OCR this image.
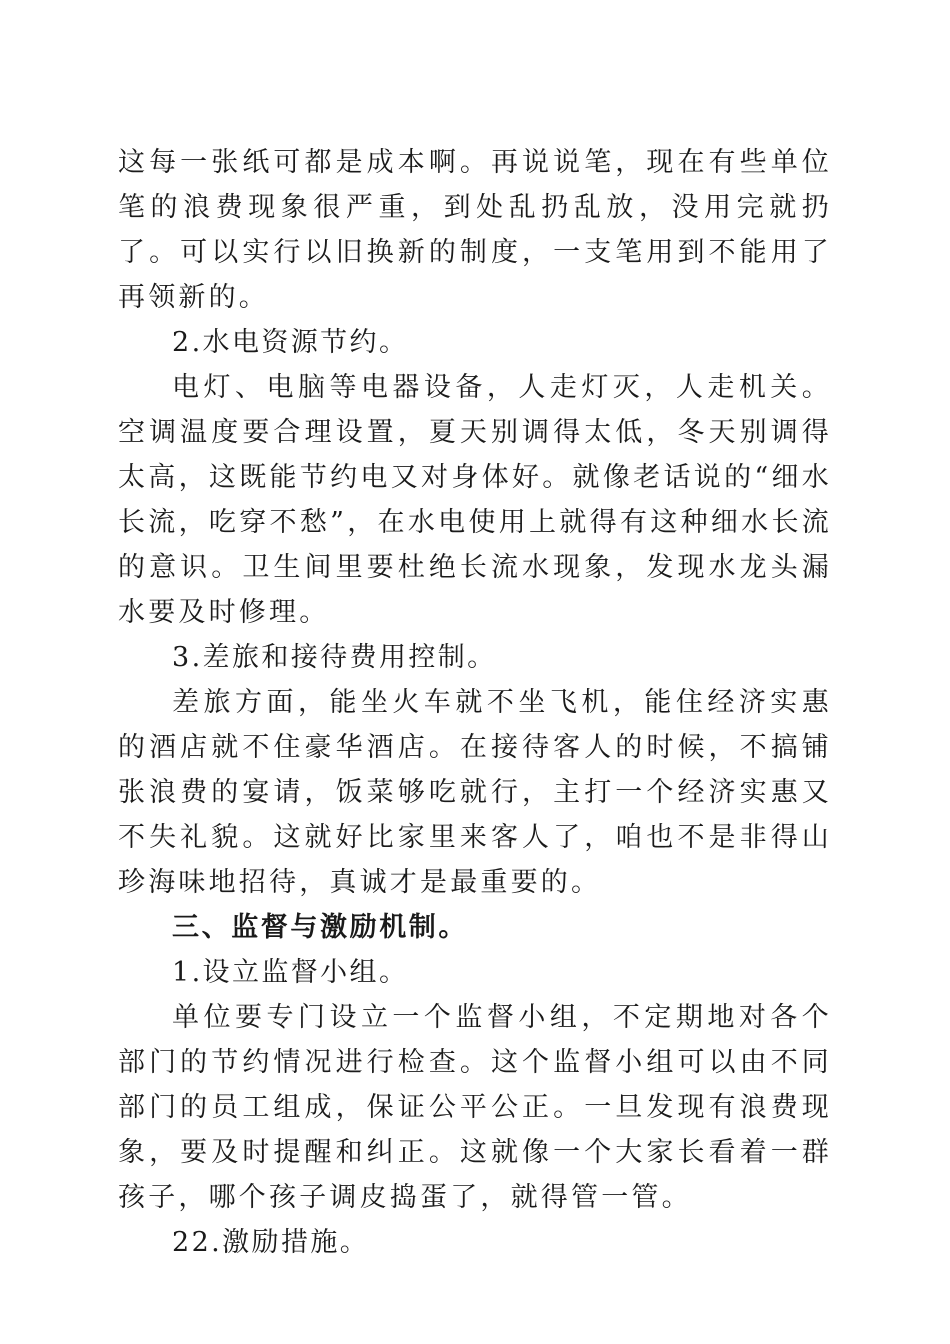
这每一张纸可都是成本啊。再说说笔，现在有些单位笔的浪费现象很严重，到处乱扔乱放，没用完就扔了。可以实行以旧换新的制度，一支笔用到不能用了再领新的。

2.水电资源节约。

电灯、电脑等电器设备，人走灯灭，人走机关。空调温度要合理设置，夏天别调得太低，冬天别调得太高，这既能节约电又对身体好。就像老话说的“细水长流，吃穿不愁”，在水电使用上就得有这种细水长流的意识。卫生间里要杜绝长流水现象，发现水龙头漏水要及时修理。

3.差旅和接待费用控制。

差旅方面，能坐火车就不坐飞机，能住经济实惠的酒店就不住豪华酒店。在接待客人的时候，不搞铺张浪费的宴请，饭菜够吃就行，主打一个经济实惠又不失礼貌。这就好比家里来客人了，咱也不是非得山珍海味地招待，真诚才是最重要的。

三、监督与激励机制。

1.设立监督小组。

单位要专门设立一个监督小组，不定期地对各个部门的节约情况进行检查。这个监督小组可以由不同部门的员工组成，保证公平公正。一旦发现有浪费现象，要及时提醒和纠正。这就像一个大家长看着一群孩子，哪个孩子调皮捣蛋了，就得管一管。

22.激励措施。
